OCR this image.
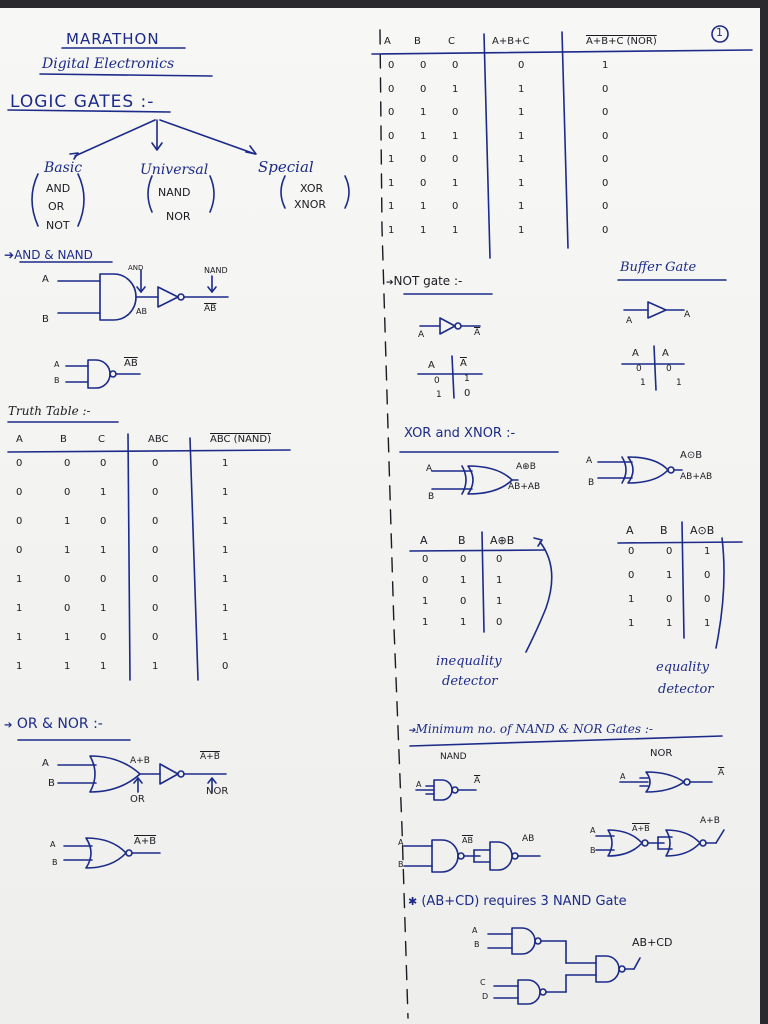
1
MARATHON
Digital Electronics
LOGIC GATES :-
Basic
AND
OR
NOT
Universal
NAND
NOR
Special
XOR
XNOR
➔AND & NAND
AND	NAND
A
B
AB	$\overline{AB}$
A
B
$\overline{AB}$
Truth Table :-
A	B	C	ABC	ABC (NAND)
0	0	0	0	1
0	0	1	0	1
0	1	0	0	1
0	1	1	0	1
1	0	0	0	1
1	0	1	0	1
1	1	0	0	1
1	1	1	1	0
➔ OR & NOR :-
A
B
A+B	A+B
OR
NOR
A
B
A+B
A B	C	A+B+C	A+B+C (NOR)
0	0	0	0	1
0	0	1	1	0
0	1	0	1	0
0	1	1	1	0
1	0	0	1	0
1	0	1	1	0
1	1	0	1	0
1	1	1	1	0
➔NOT gate :-
A	$\overline{A}$
A	$\overline{A}$
0	1
1 0
Buffer Gate
A
A
A A
0	0
1	1
XOR and XNOR :-
A
B
A⊕B
AB+AB
A
B
A⊙B
AB+AB
A	B A⊕B
0	0	0
0	1	1
1	0	1
1	1	0
A B A⊙B
0	0	1
0	1	0
1	0	0
1	1	1
inequality
detector
equality
detector
➔Minimum no. of NAND & NOR Gates :-
NAND	NOR
A	$\overline{A}$	A	$\overline{A}$
A
B
$\overline{AB}$	AB
A
B
A+B
A+B
✱ (AB+CD) requires 3 NAND Gate
A
B
C
D
AB+CD
